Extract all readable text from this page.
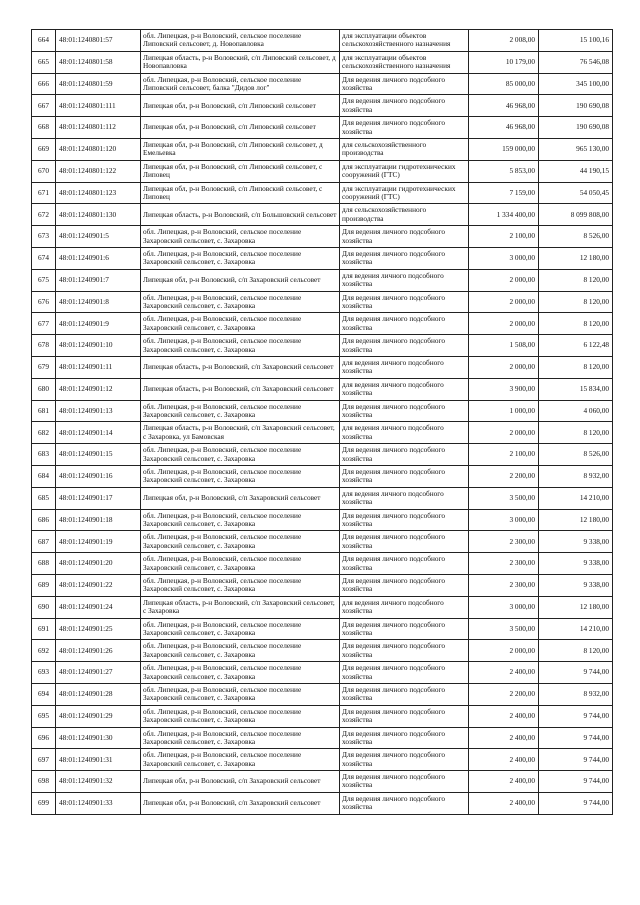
664	48:01:1240801:57	обл. Липецкая, р-н Воловский, сельское поселение Липовский сельсовет, д. Новопавловка	для эксплуатации объектов сельскохозяйственного назначения	2 008,00	15 100,16
665	48:01:1240801:58	Липецкая область, р-н Воловский, с/п Липовский сельсовет, д Новопавловка	для эксплуатации объектов сельскохозяйственного назначения	10 179,00	76 546,08
666	48:01:1240801:59	обл. Липецкая, р-н Воловский, сельское поселение Липовский сельсовет, балка "Дидов лог"	Для ведения личного подсобного хозяйства	85 000,00	345 100,00
667	48:01:1240801:111	Липецкая обл, р-н Воловский, с/п Липовский сельсовет	Для ведения личного подсобного хозяйства	46 968,00	190 690,08
668	48:01:1240801:112	Липецкая обл, р-н Воловский, с/п Липовский сельсовет	Для ведения личного подсобного хозяйства	46 968,00	190 690,08
669	48:01:1240801:120	Липецкая обл, р-н Воловский, с/п Липовский сельсовет, д Емельевка	для сельскохозяйственного производства	159 000,00	965 130,00
670	48:01:1240801:122	Липецкая обл, р-н Воловский, с/п Липовский сельсовет, с Липовец	для эксплуатации гидротехнических сооружений (ГТС)	5 853,00	44 190,15
671	48:01:1240801:123	Липецкая обл, р-н Воловский, с/п Липовский сельсовет, с Липовец	для эксплуатации гидротехнических сооружений (ГТС)	7 159,00	54 050,45
672	48:01:1240801:130	Липецкая область, р-н Воловский, с/п Большовский сельсовет	для сельскохозяйственного производства	1 334 400,00	8 099 808,00
673	48:01:1240901:5	обл. Липецкая, р-н Воловский, сельское поселение Захаровский сельсовет, с. Захаровка	Для ведения личного подсобного хозяйства	2 100,00	8 526,00
674	48:01:1240901:6	обл. Липецкая, р-н Воловский, сельское поселение Захаровский сельсовет, с. Захаровка	Для ведения личного подсобного хозяйства	3 000,00	12 180,00
675	48:01:1240901:7	Липецкая обл, р-н Воловский, с/п Захаровский сельсовет	для ведения личного подсобного хозяйства	2 000,00	8 120,00
676	48:01:1240901:8	обл. Липецкая, р-н Воловский, сельское поселение Захаровский сельсовет, с. Захаровка	Для ведения личного подсобного хозяйства	2 000,00	8 120,00
677	48:01:1240901:9	обл. Липецкая, р-н Воловский, сельское поселение Захаровский сельсовет, с. Захаровка	Для ведения личного подсобного хозяйства	2 000,00	8 120,00
678	48:01:1240901:10	обл. Липецкая, р-н Воловский, сельское поселение Захаровский сельсовет, с. Захаровка	Для ведения личного подсобного хозяйства	1 508,00	6 122,48
679	48:01:1240901:11	Липецкая область, р-н Воловский, с/п Захаровский сельсовет	для ведения личного подсобного хозяйства	2 000,00	8 120,00
680	48:01:1240901:12	Липецкая область, р-н Воловский, с/п Захаровский сельсовет	для ведения личного подсобного хозяйства	3 900,00	15 834,00
681	48:01:1240901:13	обл. Липецкая, р-н Воловский, сельское поселение Захаровский сельсовет, с. Захаровка	Для ведения личного подсобного хозяйства	1 000,00	4 060,00
682	48:01:1240901:14	Липецкая область, р-н Воловский, с/п Захаровский сельсовет, с Захаровка, ул Бамовская	для ведения личного подсобного хозяйства	2 000,00	8 120,00
683	48:01:1240901:15	обл. Липецкая, р-н Воловский, сельское поселение Захаровский сельсовет, с. Захаровка	Для ведения личного подсобного хозяйства	2 100,00	8 526,00
684	48:01:1240901:16	обл. Липецкая, р-н Воловский, сельское поселение Захаровский сельсовет, с. Захаровка	Для ведения личного подсобного хозяйства	2 200,00	8 932,00
685	48:01:1240901:17	Липецкая обл, р-н Воловский, с/п Захаровский сельсовет	для ведения личного подсобного хозяйства	3 500,00	14 210,00
686	48:01:1240901:18	обл. Липецкая, р-н Воловский, сельское поселение Захаровский сельсовет, с. Захаровка	Для ведения личного подсобного хозяйства	3 000,00	12 180,00
687	48:01:1240901:19	обл. Липецкая, р-н Воловский, сельское поселение Захаровский сельсовет, с. Захаровка	Для ведения личного подсобного хозяйства	2 300,00	9 338,00
688	48:01:1240901:20	обл. Липецкая, р-н Воловский, сельское поселение Захаровский сельсовет, с. Захаровка	Для ведения личного подсобного хозяйства	2 300,00	9 338,00
689	48:01:1240901:22	обл. Липецкая, р-н Воловский, сельское поселение Захаровский сельсовет, с. Захаровка	Для ведения личного подсобного хозяйства	2 300,00	9 338,00
690	48:01:1240901:24	Липецкая область, р-н Воловский, с/п Захаровский сельсовет, с Захаровка	для ведения личного подсобного хозяйства	3 000,00	12 180,00
691	48:01:1240901:25	обл. Липецкая, р-н Воловский, сельское поселение Захаровский сельсовет, с. Захаровка	Для ведения личного подсобного хозяйства	3 500,00	14 210,00
692	48:01:1240901:26	обл. Липецкая, р-н Воловский, сельское поселение Захаровский сельсовет, с. Захаровка	Для ведения личного подсобного хозяйства	2 000,00	8 120,00
693	48:01:1240901:27	обл. Липецкая, р-н Воловский, сельское поселение Захаровский сельсовет, с. Захаровка	Для ведения личного подсобного хозяйства	2 400,00	9 744,00
694	48:01:1240901:28	обл. Липецкая, р-н Воловский, сельское поселение Захаровский сельсовет, с. Захаровка	Для ведения личного подсобного хозяйства	2 200,00	8 932,00
695	48:01:1240901:29	обл. Липецкая, р-н Воловский, сельское поселение Захаровский сельсовет, с. Захаровка	Для ведения личного подсобного хозяйства	2 400,00	9 744,00
696	48:01:1240901:30	обл. Липецкая, р-н Воловский, сельское поселение Захаровский сельсовет, с. Захаровка	Для ведения личного подсобного хозяйства	2 400,00	9 744,00
697	48:01:1240901:31	обл. Липецкая, р-н Воловский, сельское поселение Захаровский сельсовет, с. Захаровка	Для ведения личного подсобного хозяйства	2 400,00	9 744,00
698	48:01:1240901:32	Липецкая обл, р-н Воловский, с/п Захаровский сельсовет	Для ведения личного подсобного хозяйства	2 400,00	9 744,00
699	48:01:1240901:33	Липецкая обл, р-н Воловский, с/п Захаровский сельсовет	Для ведения личного подсобного хозяйства	2 400,00	9 744,00
